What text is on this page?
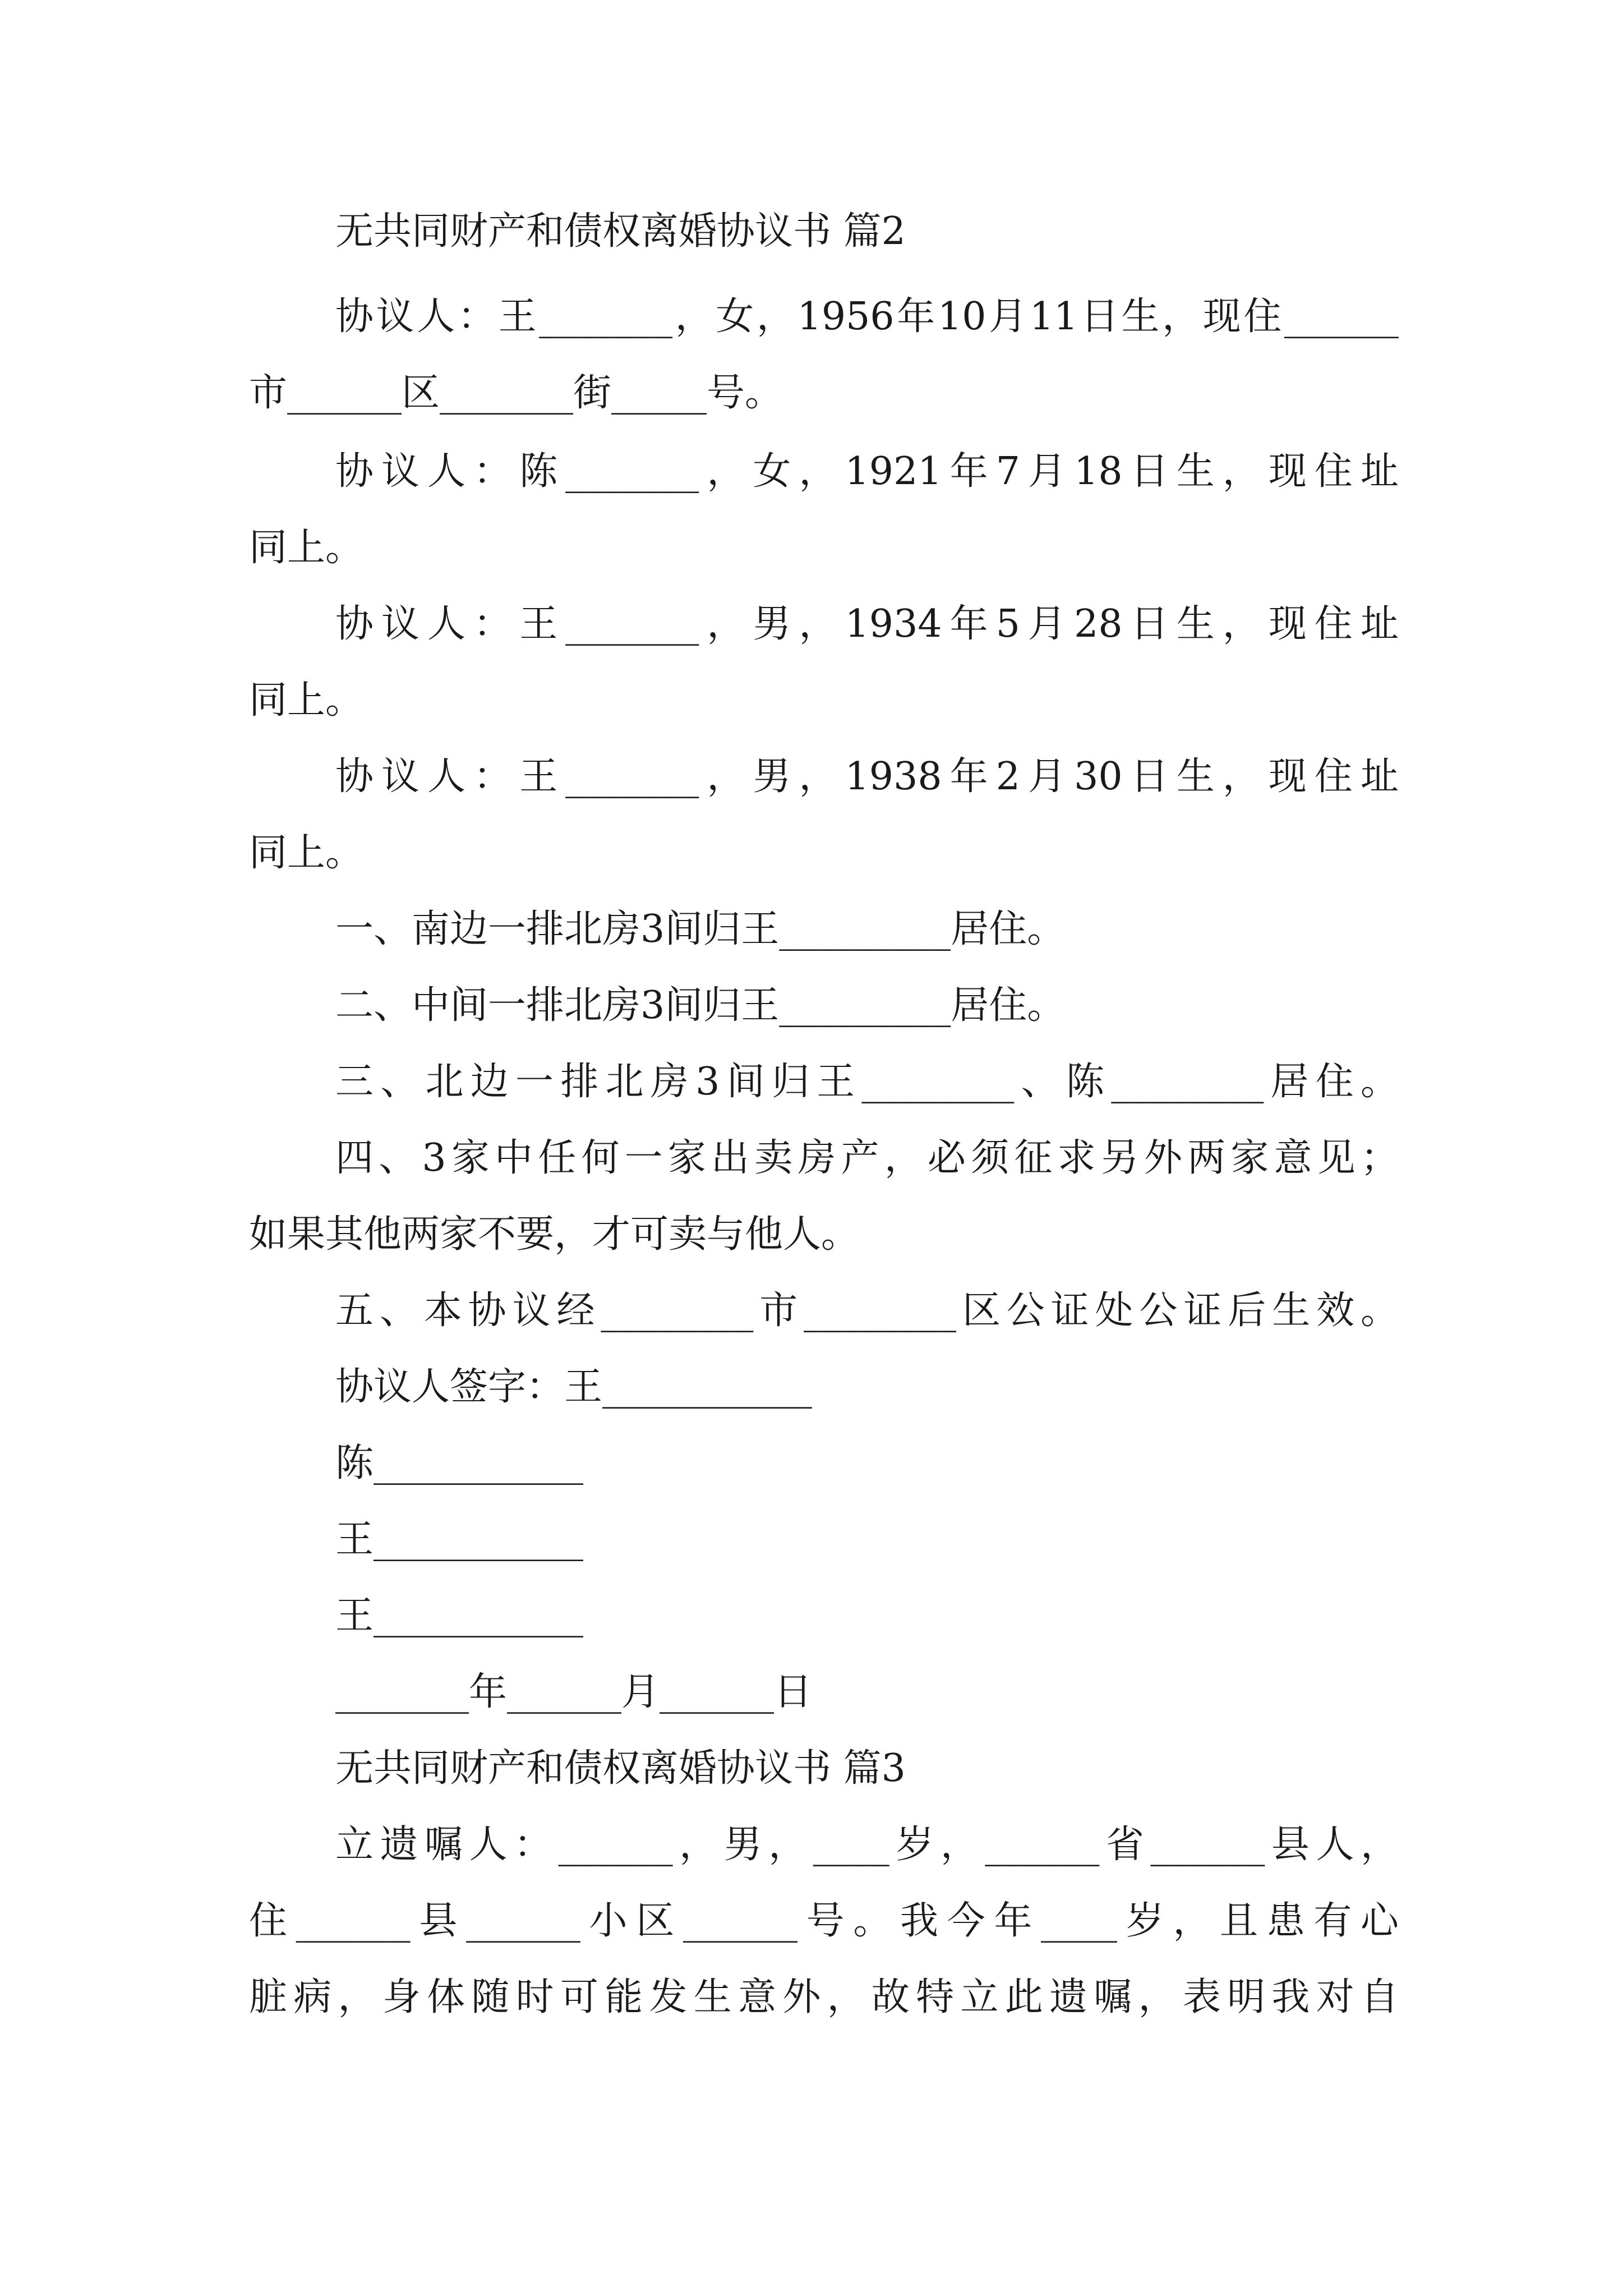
无共同财产和债权离婚协议书 篇2
协议人：王_______，女，1956年10月11日生，现住______
市______区_______街_____号。
协议人：陈_______，女，1921年7月18日生，现住址
同上。
协议人：王_______，男，1934年5月28日生，现住址
同上。
协议人：王_______，男，1938年2月30日生，现住址
同上。
一、南边一排北房3间归王_________居住。
二、中间一排北房3间归王_________居住。
三、北边一排北房3间归王________、陈________居住。
四、3家中任何一家出卖房产，必须征求另外两家意见；
如果其他两家不要，才可卖与他人。
五、本协议经________市________区公证处公证后生效。
协议人签字：王___________
陈___________
王___________
王___________
_______年______月______日
无共同财产和债权离婚协议书 篇3
立遗嘱人：______，男，____岁，______省______县人，
住______县______小区______号。我今年____岁，且患有心
脏病，身体随时可能发生意外，故特立此遗嘱，表明我对自
